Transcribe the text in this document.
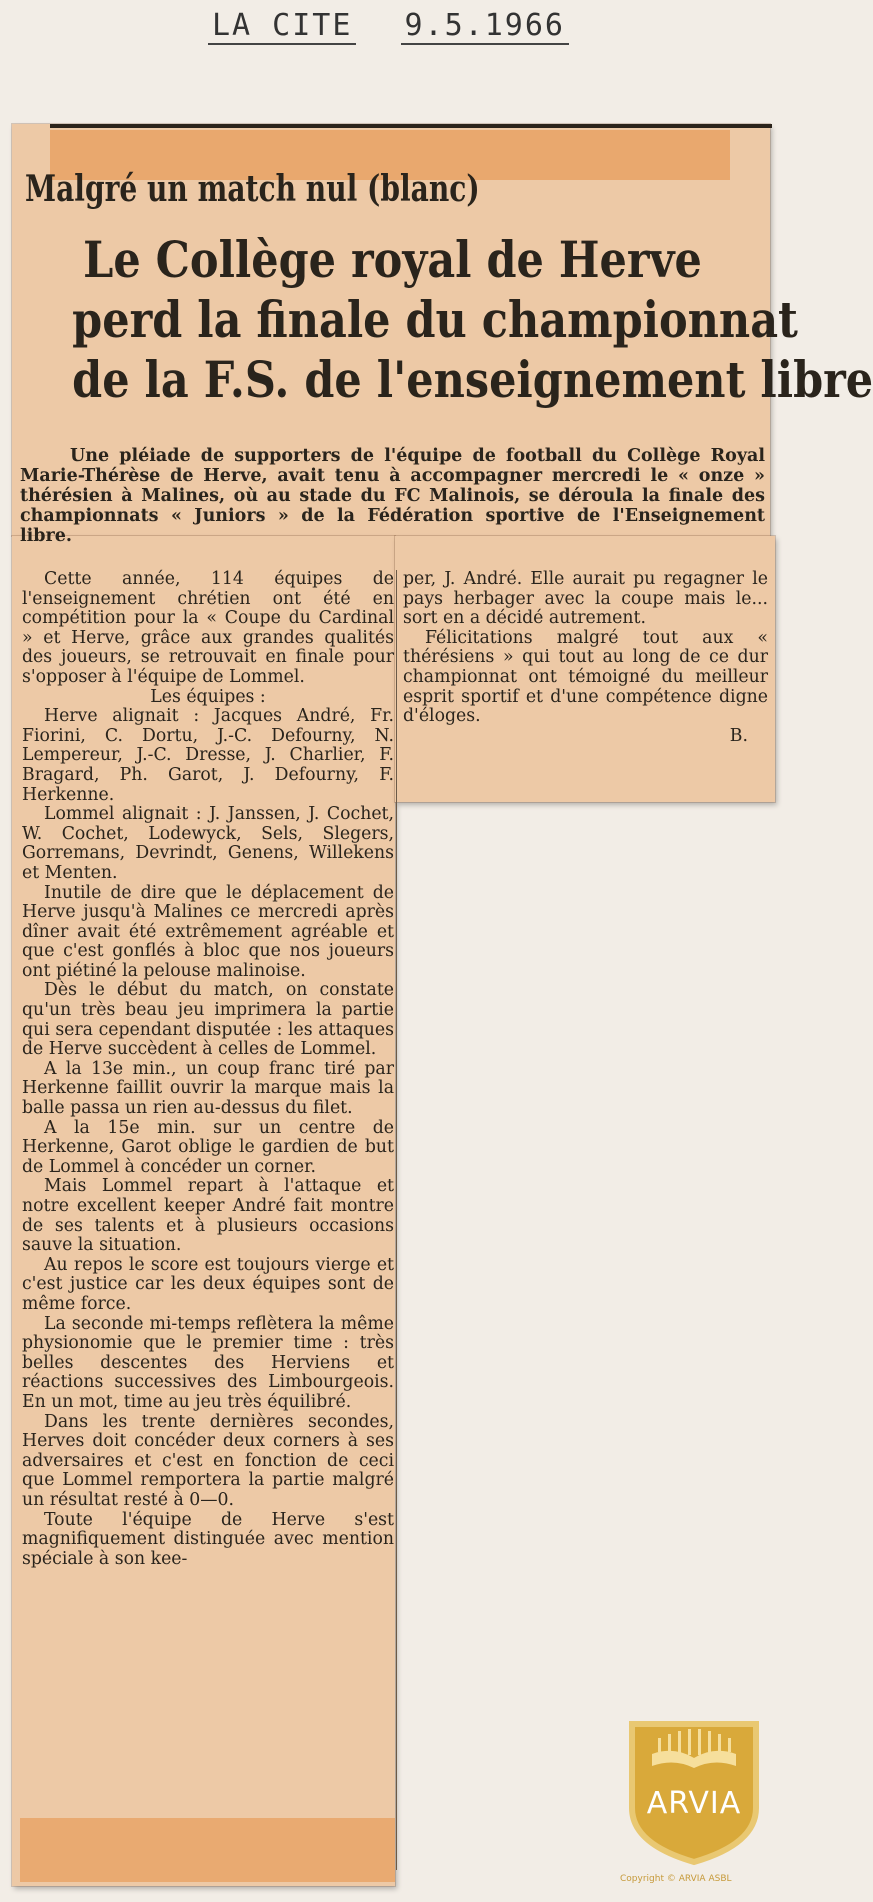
LA CITE 9.5.1966
Malgré un match nul (blanc)
Le Collège royal de Herve
perd la finale du championnat
de la F.S. de l'enseignement libre
Une pléiade de supporters de l'équipe de football du Collège Royal Marie-Thérèse de Herve, avait tenu à accompagner mercredi le « onze » thérésien à Malines, où au stade du FC Malinois, se déroula la finale des championnats « Juniors » de la Fédération sportive de l'Enseignement libre.

Cette année, 114 équipes de l'enseignement chrétien ont été en compétition pour la « Coupe du Cardinal » et Herve, grâce aux grandes qualités des joueurs, se retrouvait en finale pour s'opposer à l'équipe de Lommel.

Les équipes :

Herve alignait : Jacques André, Fr. Fiorini, C. Dortu, J.-C. Defourny, N. Lempereur, J.-C. Dresse, J. Charlier, F. Bragard, Ph. Garot, J. Defourny, F. Herkenne.

Lommel alignait : J. Janssen, J. Cochet, W. Cochet, Lodewyck, Sels, Slegers, Gorremans, Devrindt, Genens, Willekens et Menten.

Inutile de dire que le déplacement de Herve jusqu'à Malines ce mercredi après dîner avait été extrêmement agréable et que c'est gonflés à bloc que nos joueurs ont piétiné la pelouse malinoise.

Dès le début du match, on constate qu'un très beau jeu imprimera la partie qui sera cependant disputée : les attaques de Herve succèdent à celles de Lommel.

A la 13e min., un coup franc tiré par Herkenne faillit ouvrir la marque mais la balle passa un rien au-dessus du filet.

A la 15e min. sur un centre de Herkenne, Garot oblige le gardien de but de Lommel à concéder un corner.

Mais Lommel repart à l'attaque et notre excellent keeper André fait montre de ses talents et à plusieurs occasions sauve la situation.

Au repos le score est toujours vierge et c'est justice car les deux équipes sont de même force.

La seconde mi-temps reflètera la même physionomie que le premier time : très belles descentes des Herviens et réactions successives des Limbourgeois. En un mot, time au jeu très équilibré.

Dans les trente dernières secondes, Herves doit concéder deux corners à ses adversaires et c'est en fonction de ceci que Lommel remportera la partie malgré un résultat resté à 0—0.

Toute l'équipe de Herve s'est magnifiquement distinguée avec mention spéciale à son kee-

per, J. André. Elle aurait pu regagner le pays herbager avec la coupe mais le... sort en a décidé autrement.

Félicitations malgré tout aux « thérésiens » qui tout au long de ce dur championnat ont témoigné du meilleur esprit sportif et d'une compétence digne d'éloges.

B.

ARVIA
Copyright © ARVIA ASBL
